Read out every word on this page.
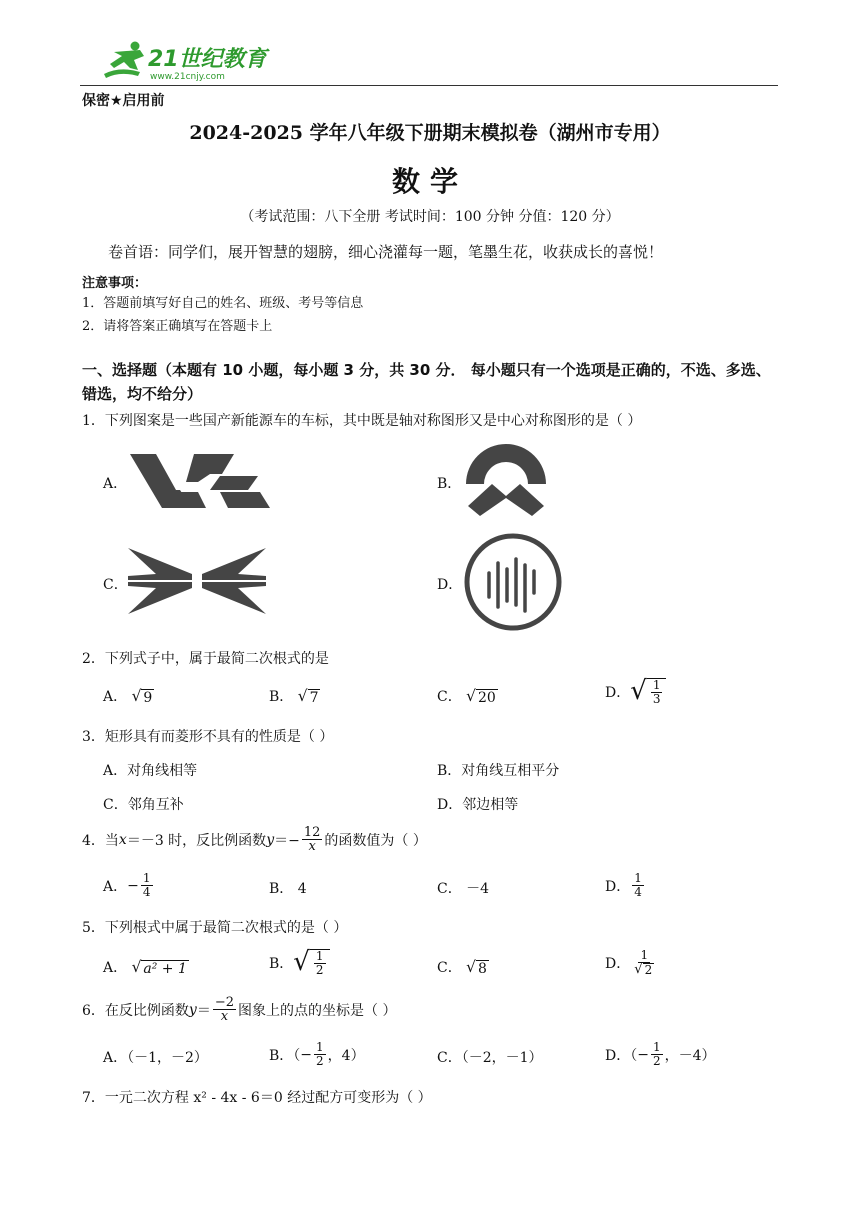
21世纪教育
www.21cnjy.com
保密★启用前
2024-2025 学年八年级下册期末模拟卷（湖州市专用）
数学
（考试范围：八下全册 考试时间：100 分钟 分值：120 分）
卷首语：同学们，展开智慧的翅膀，细心浇灌每一题，笔墨生花，收获成长的喜悦！
注意事项：
1．答题前填写好自己的姓名、班级、考号等信息
2．请将答案正确填写在答题卡上
一、选择题（本题有 10 小题，每小题 3 分，共 30 分． 每小题只有一个选项是正确的，不选、多选、错选，均不给分）
1．下列图案是一些国产新能源车的车标，其中既是轴对称图形又是中心对称图形的是（ ）
A．	B．
C．	D．
2．下列式子中，属于最简二次根式的是
A． √ 9	B． √ 7	C． √ 20	D． √ $\frac{1}{3}$
3．矩形具有而菱形不具有的性质是（ ）
A．对角线相等	B．对角线互相平分
C．邻角互补	D．邻边相等
4．当 x ＝－3 时，反比例函数 $y =- \frac{12}{x}$ 的函数值为（ ）
A． − $\frac{1}{4}$	B． 4	C． －4	D． $\frac{1}{4}$
5．下列根式中属于最简二次根式的是（ ）
A． √ a² + 1	B． √ $\frac{1}{2}$	C． √ 8	D． $\frac{1}{√ 2}$
6．在反比例函数 $y = \frac{-2}{x}$ 图象上的点的坐标是（ ）
A．（－1，－2）	B．（ − $\frac{1}{2}$ ，4）	C．（－2，－1）	D．（ − $\frac{1}{2}$ ，－4）
7．一元二次方程 x² - 4x - 6＝0 经过配方可变形为（ ）
